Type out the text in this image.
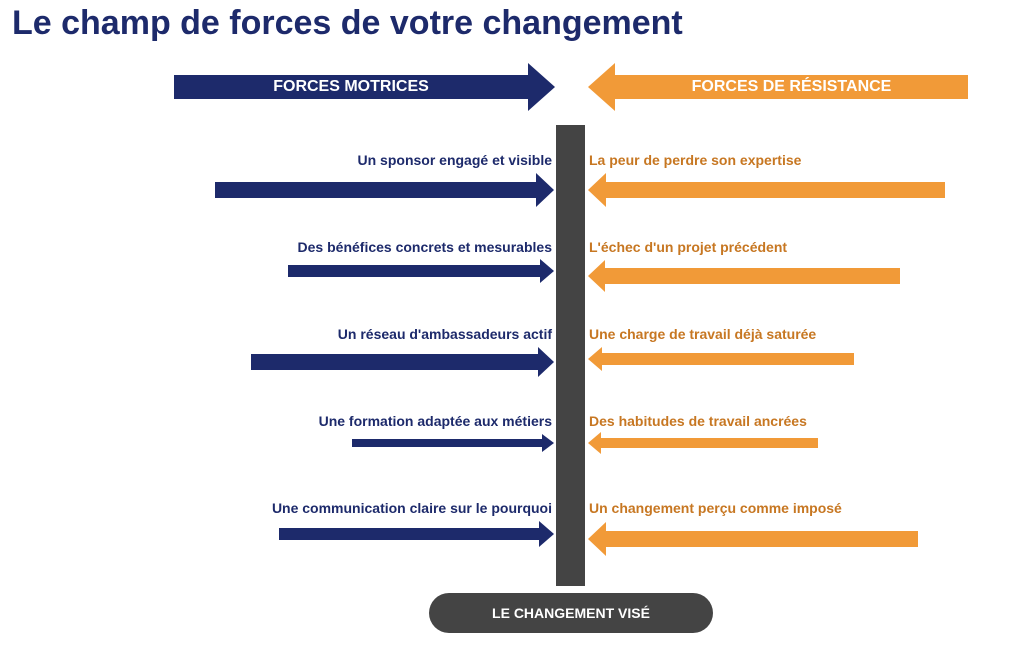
Le champ de forces de votre changement
FORCES MOTRICES	FORCES DE RÉSISTANCE
Un sponsor engagé et visible
Des bénéfices concrets et mesurables
Un réseau d'ambassadeurs actif
Une formation adaptée aux métiers
Une communication claire sur le pourquoi
La peur de perdre son expertise
L'échec d'un projet précédent
Une charge de travail déjà saturée
Des habitudes de travail ancrées
Un changement perçu comme imposé
LE CHANGEMENT VISÉ
